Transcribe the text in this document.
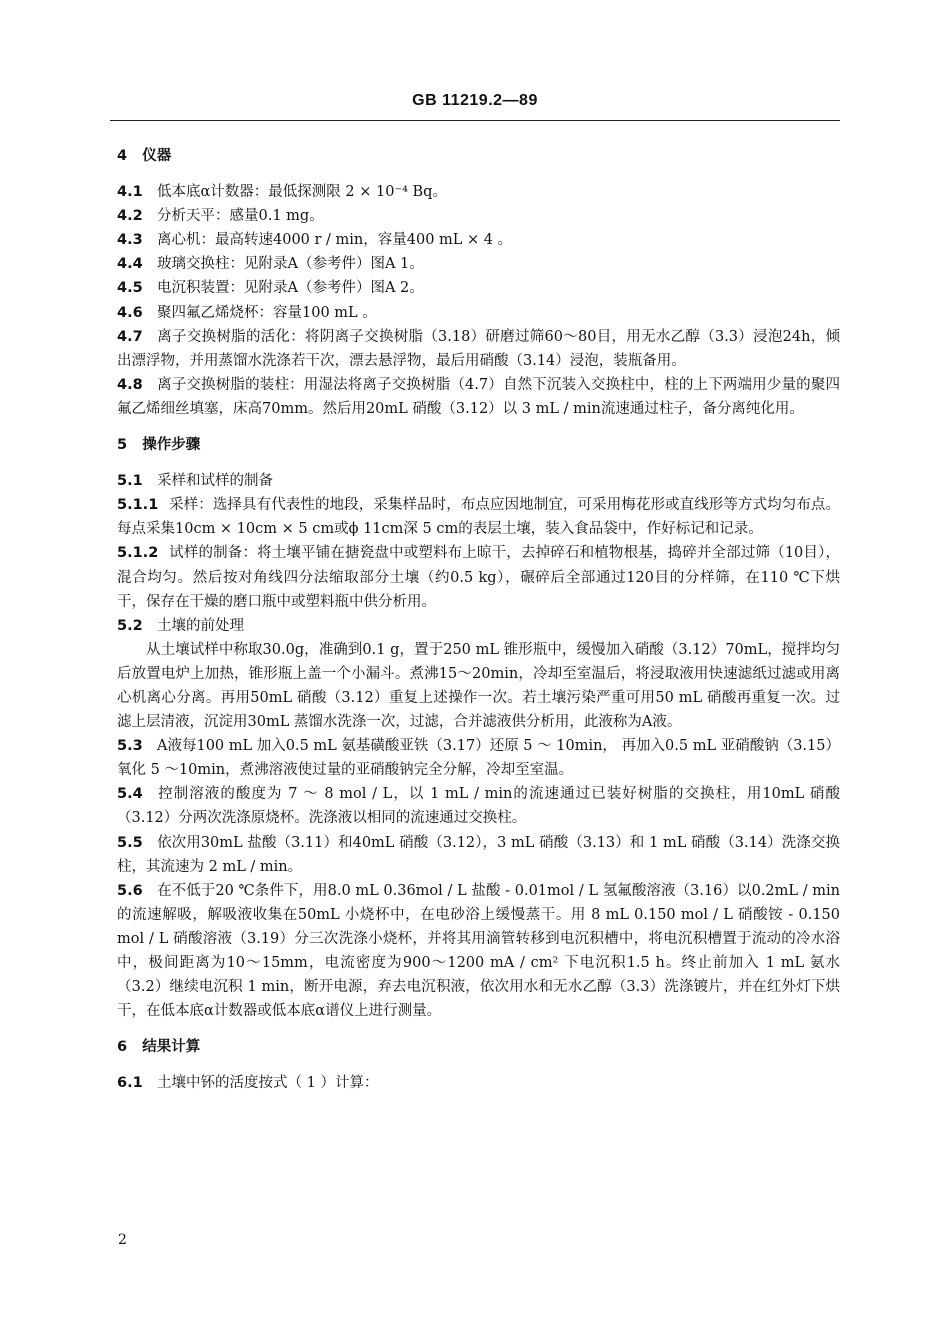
GB 11219.2—89

4 仪器

4.1 低本底α计数器：最低探测限 2 × 10⁻⁴ Bq。

4.2 分析天平：感量0.1 mg。

4.3 离心机：最高转速4000 r / min，容量400 mL × 4 。

4.4 玻璃交换柱：见附录A（参考件）图A 1。

4.5 电沉积装置：见附录A（参考件）图A 2。

4.6 聚四氟乙烯烧杯：容量100 mL 。

4.7 离子交换树脂的活化：将阴离子交换树脂（3.18）研磨过筛60～80目，用无水乙醇（3.3）浸泡24h，倾出漂浮物，并用蒸馏水洗涤若干次，漂去悬浮物，最后用硝酸（3.14）浸泡，装瓶备用。

4.8 离子交换树脂的装柱：用湿法将离子交换树脂（4.7）自然下沉装入交换柱中，柱的上下两端用少量的聚四氟乙烯细丝填塞，床高70mm。然后用20mL 硝酸（3.12）以 3 mL / min流速通过柱子，备分离纯化用。

5 操作步骤

5.1 采样和试样的制备

5.1.1 采样：选择具有代表性的地段，采集样品时，布点应因地制宜，可采用梅花形或直线形等方式均匀布点。每点采集10cm × 10cm × 5 cm或ϕ 11cm深 5 cm的表层土壤，装入食品袋中，作好标记和记录。

5.1.2 试样的制备：将土壤平铺在搪瓷盘中或塑料布上晾干，去掉碎石和植物根基，捣碎并全部过筛（10目），混合均匀。然后按对角线四分法缩取部分土壤（约0.5 kg），碾碎后全部通过120目的分样筛，在110 ℃下烘干，保存在干燥的磨口瓶中或塑料瓶中供分析用。

5.2 土壤的前处理

从土壤试样中称取30.0g，准确到0.1 g，置于250 mL 锥形瓶中，缓慢加入硝酸（3.12）70mL，搅拌均匀后放置电炉上加热，锥形瓶上盖一个小漏斗。煮沸15～20min，冷却至室温后，将浸取液用快速滤纸过滤或用离心机离心分离。再用50mL 硝酸（3.12）重复上述操作一次。若土壤污染严重可用50 mL 硝酸再重复一次。过滤上层清液，沉淀用30mL 蒸馏水洗涤一次，过滤，合并滤液供分析用，此液称为A液。

5.3 A液每100 mL 加入0.5 mL 氨基磺酸亚铁（3.17）还原 5 ～ 10min， 再加入0.5 mL 亚硝酸钠（3.15）氧化 5 ～10min，煮沸溶液使过量的亚硝酸钠完全分解，冷却至室温。

5.4 控制溶液的酸度为 7 ～ 8 mol / L，以 1 mL / min的流速通过已装好树脂的交换柱，用10mL 硝酸（3.12）分两次洗涤原烧杯。洗涤液以相同的流速通过交换柱。

5.5 依次用30mL 盐酸（3.11）和40mL 硝酸（3.12），3 mL 硝酸（3.13）和 1 mL 硝酸（3.14）洗涤交换柱，其流速为 2 mL / min。

5.6 在不低于20 ℃条件下，用8.0 mL 0.36mol / L 盐酸 - 0.01mol / L 氢氟酸溶液（3.16）以0.2mL / min的流速解吸，解吸液收集在50mL 小烧杯中，在电砂浴上缓慢蒸干。用 8 mL 0.150 mol / L 硝酸铵 - 0.150 mol / L 硝酸溶液（3.19）分三次洗涤小烧杯，并将其用滴管转移到电沉积槽中，将电沉积槽置于流动的冷水浴中，极间距离为10～15mm，电流密度为900～1200 mA / cm² 下电沉积1.5 h。终止前加入 1 mL 氨水（3.2）继续电沉积 1 min，断开电源，弃去电沉积液，依次用水和无水乙醇（3.3）洗涤镀片，并在红外灯下烘干，在低本底α计数器或低本底α谱仪上进行测量。

6 结果计算

6.1 土壤中钚的活度按式（ 1 ）计算：

2
